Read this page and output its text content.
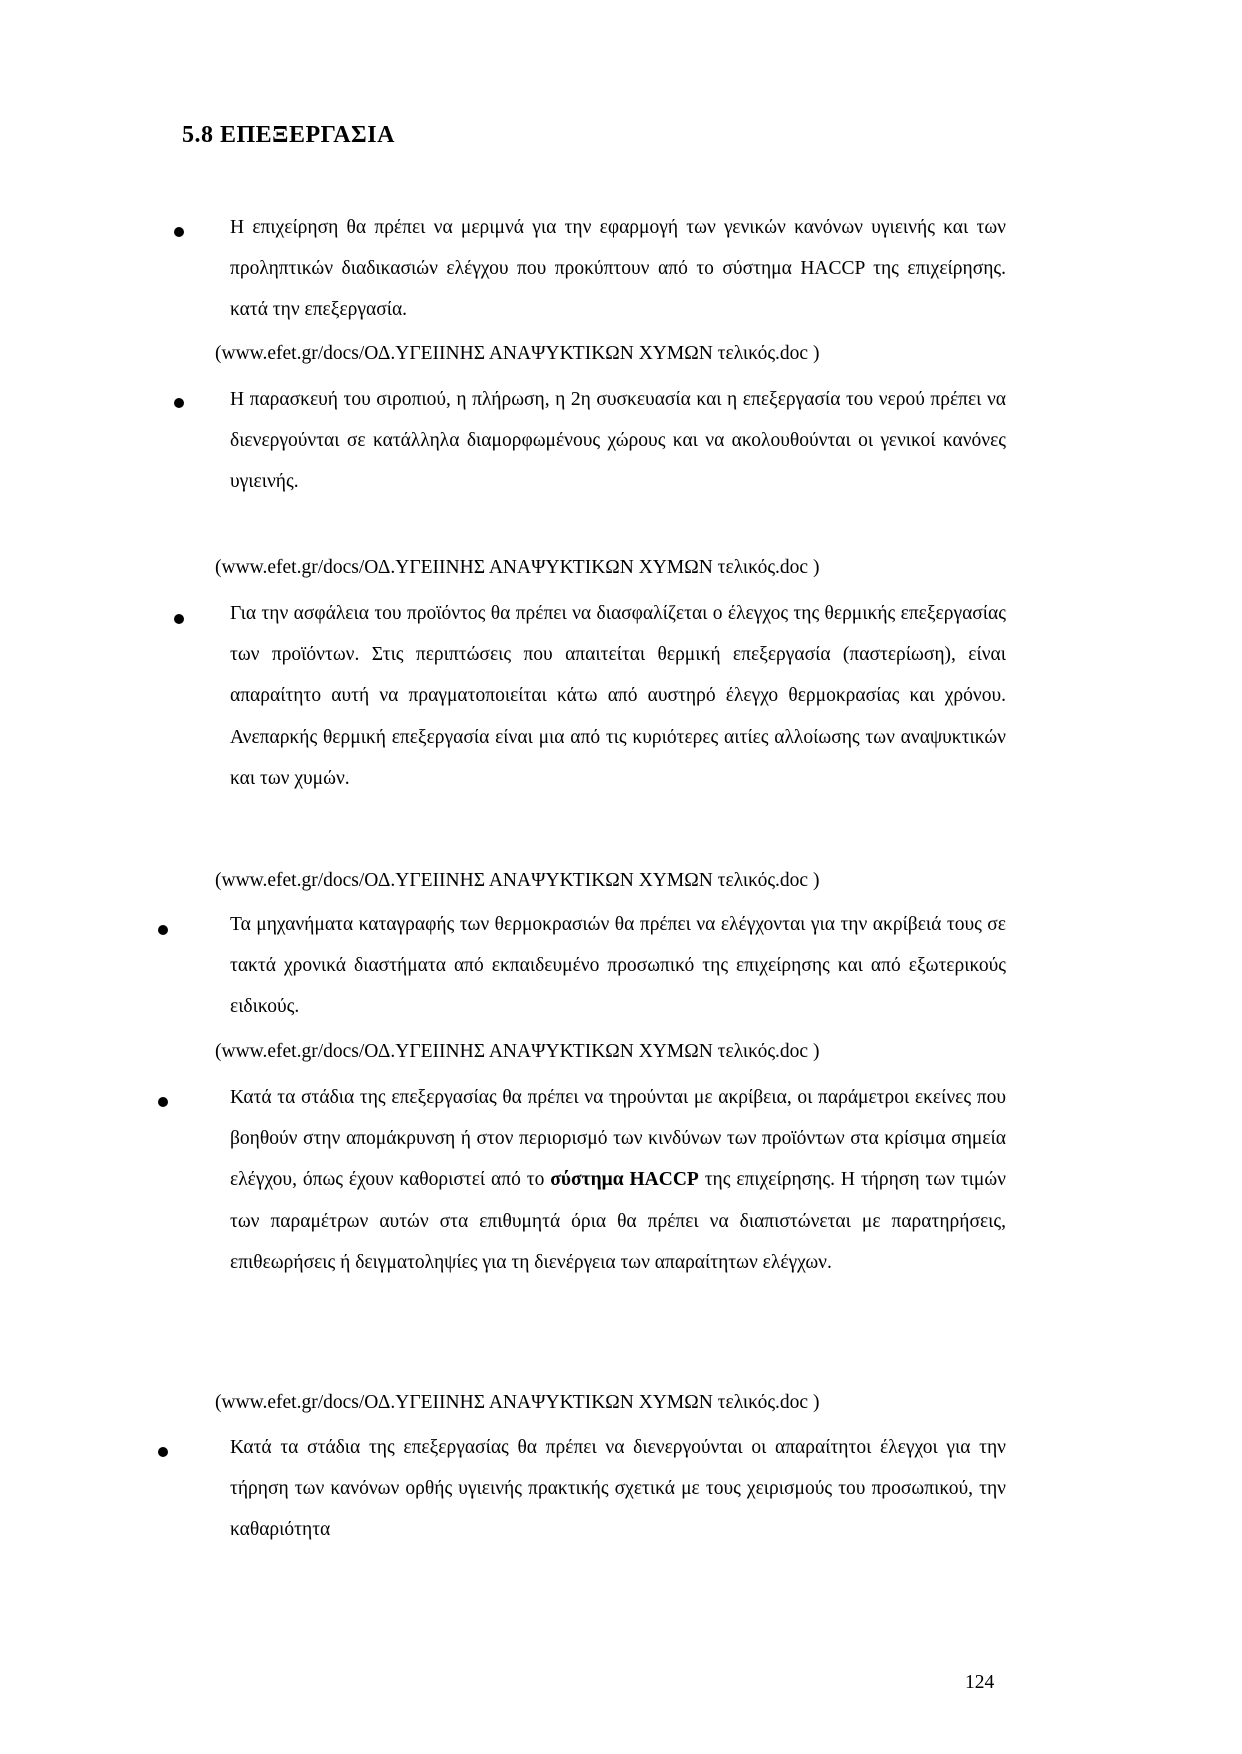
5.8 ΕΠΕΞΕΡΓΑΣΙΑ
Η επιχείρηση θα πρέπει να μεριμνά για την εφαρμογή των γενικών κανόνων υγιεινής και των προληπτικών διαδικασιών ελέγχου που προκύπτουν από το σύστημα HACCP της επιχείρησης. κατά την επεξεργασία.
(www.efet.gr/docs/ΟΔ.ΥΓΕΙΙΝΗΣ ΑΝΑΨΥΚΤΙΚΩΝ ΧΥΜΩΝ τελικός.doc )
Η παρασκευή του σιροπιού, η πλήρωση, η 2η συσκευασία και η επεξεργασία του νερού πρέπει να διενεργούνται σε κατάλληλα διαμορφωμένους χώρους και να ακολουθούνται οι γενικοί κανόνες υγιεινής.
(www.efet.gr/docs/ΟΔ.ΥΓΕΙΙΝΗΣ ΑΝΑΨΥΚΤΙΚΩΝ ΧΥΜΩΝ τελικός.doc )
Για την ασφάλεια του προϊόντος θα πρέπει να διασφαλίζεται ο έλεγχος της θερμικής επεξεργασίας των προϊόντων. Στις περιπτώσεις που απαιτείται θερμική επεξεργασία (παστερίωση), είναι απαραίτητο αυτή να πραγματοποιείται κάτω από αυστηρό έλεγχο θερμοκρασίας και χρόνου. Ανεπαρκής θερμική επεξεργασία είναι μια από τις κυριότερες αιτίες αλλοίωσης των αναψυκτικών και των χυμών.
(www.efet.gr/docs/ΟΔ.ΥΓΕΙΙΝΗΣ ΑΝΑΨΥΚΤΙΚΩΝ ΧΥΜΩΝ τελικός.doc )
Τα μηχανήματα καταγραφής των θερμοκρασιών θα πρέπει να ελέγχονται για την ακρίβειά τους σε τακτά χρονικά διαστήματα από εκπαιδευμένο προσωπικό της επιχείρησης και από εξωτερικούς ειδικούς.
(www.efet.gr/docs/ΟΔ.ΥΓΕΙΙΝΗΣ ΑΝΑΨΥΚΤΙΚΩΝ ΧΥΜΩΝ τελικός.doc )
Κατά τα στάδια της επεξεργασίας θα πρέπει να τηρούνται με ακρίβεια, οι παράμετροι εκείνες που βοηθούν στην απομάκρυνση ή στον περιορισμό των κινδύνων των προϊόντων στα κρίσιμα σημεία ελέγχου, όπως έχουν καθοριστεί από το σύστημα HACCP της επιχείρησης. Η τήρηση των τιμών των παραμέτρων αυτών στα επιθυμητά όρια θα πρέπει να διαπιστώνεται με παρατηρήσεις, επιθεωρήσεις ή δειγματοληψίες για τη διενέργεια των απαραίτητων ελέγχων.
(www.efet.gr/docs/ΟΔ.ΥΓΕΙΙΝΗΣ ΑΝΑΨΥΚΤΙΚΩΝ ΧΥΜΩΝ τελικός.doc )
Κατά τα στάδια της επεξεργασίας θα πρέπει να διενεργούνται οι απαραίτητοι έλεγχοι για την τήρηση των κανόνων ορθής υγιεινής πρακτικής σχετικά με τους χειρισμούς του προσωπικού, την καθαριότητα
124
